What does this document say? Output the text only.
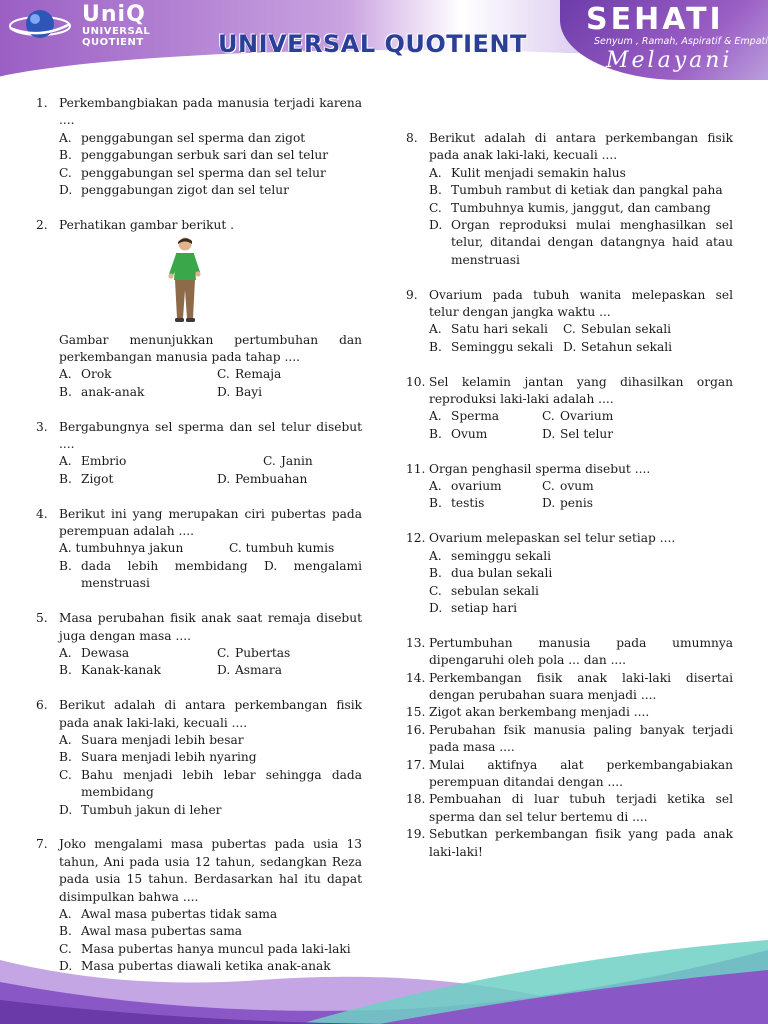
UniQ
UNIVERSAL
QUOTIENT	UNIVERSAL QUOTIENT
SEHATI
Senyum , Ramah, Aspiratif & Empati
Melayani
1. Perkembangbiakan pada manusia terjadi karena ....
A. penggabungan sel sperma dan zigot
B. penggabungan serbuk sari dan sel telur
C. penggabungan sel sperma dan sel telur
D. penggabungan zigot dan sel telur
2. Perhatikan gambar berikut .
Gambar menunjukkan pertumbuhan dan perkembangan manusia pada tahap ....
A. Orok	C. Remaja
B. anak-anak	D. Bayi
3. Bergabungnya sel sperma dan sel telur disebut ....
A. Embrio	C. Janin
B. Zigot	D. Pembuahan
4. Berikut ini yang merupakan ciri pubertas pada perempuan adalah ....
A. tumbuhnya jakun	C. tumbuh kumis
B. dada lebih membidang D. mengalami menstruasi
5. Masa perubahan fisik anak saat remaja disebut juga dengan masa ....
A. Dewasa	C. Pubertas
B. Kanak-kanak	D. Asmara
6. Berikut adalah di antara perkembangan fisik pada anak laki-laki, kecuali ....
A. Suara menjadi lebih besar
B. Suara menjadi lebih nyaring
C. Bahu menjadi lebih lebar sehingga dada membidang
D. Tumbuh jakun di leher
7. Joko mengalami masa pubertas pada usia 13 tahun, Ani pada usia 12 tahun, sedangkan Reza pada usia 15 tahun. Berdasarkan hal itu dapat disimpulkan bahwa ....
A. Awal masa pubertas tidak sama
B. Awal masa pubertas sama
C. Masa pubertas hanya muncul pada laki-laki
D. Masa pubertas diawali ketika anak-anak
8. Berikut adalah di antara perkembangan fisik pada anak laki-laki, kecuali ....
A. Kulit menjadi semakin halus
B. Tumbuh rambut di ketiak dan pangkal paha
C. Tumbuhnya kumis, janggut, dan cambang
D. Organ reproduksi mulai menghasilkan sel telur, ditandai dengan datangnya haid atau menstruasi
9. Ovarium pada tubuh wanita melepaskan sel telur dengan jangka waktu ...
A. Satu hari sekali C. Sebulan sekali
B. Seminggu sekali D. Setahun sekali
10. Sel kelamin jantan yang dihasilkan organ reproduksi laki-laki adalah ....
A. Sperma	C. Ovarium
B. Ovum	D. Sel telur
11. Organ penghasil sperma disebut ....
A. ovarium	C. ovum
B. testis	D. penis
12. Ovarium melepaskan sel telur setiap ....
A. seminggu sekali
B. dua bulan sekali
C. sebulan sekali
D. setiap hari
13. Pertumbuhan manusia pada umumnya dipengaruhi oleh pola ... dan ....
14. Perkembangan fisik anak laki-laki disertai dengan perubahan suara menjadi ....
15. Zigot akan berkembang menjadi ....
16. Perubahan fsik manusia paling banyak terjadi pada masa ....
17. Mulai aktifnya alat perkembangabiakan perempuan ditandai dengan ....
18. Pembuahan di luar tubuh terjadi ketika sel sperma dan sel telur bertemu di ....
19. Sebutkan perkembangan fisik yang pada anak laki-laki!
